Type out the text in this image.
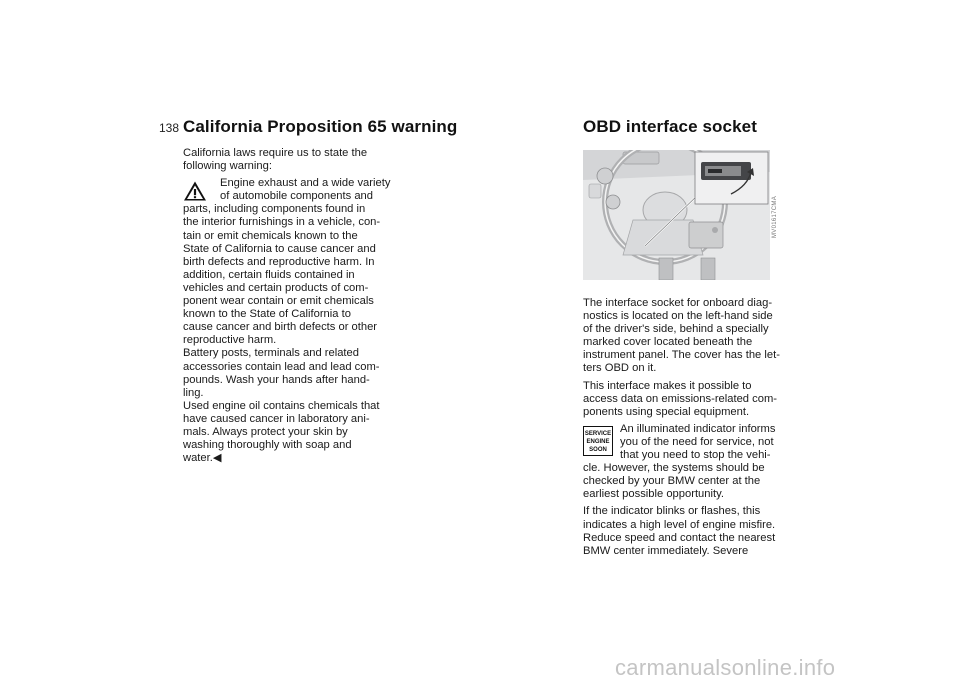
138 California Proposition 65 warning	OBD interface socket

California laws require us to state the

following warning:

Engine exhaust and a wide variety

of automobile components and

parts, including components found in

the interior furnishings in a vehicle, con-

tain or emit chemicals known to the

State of California to cause cancer and

birth defects and reproductive harm. In

addition, certain fluids contained in

vehicles and certain products of com-

ponent wear contain or emit chemicals

known to the State of California to

cause cancer and birth defects or other

reproductive harm.

Battery posts, terminals and related

accessories contain lead and lead com-

pounds. Wash your hands after hand-

ling.

Used engine oil contains chemicals that

have caused cancer in laboratory ani-

mals. Always protect your skin by

washing thoroughly with soap and

water.◀

MV01617CMA

The interface socket for onboard diag-

nostics is located on the left-hand side

of the driver's side, behind a specially

marked cover located beneath the

instrument panel. The cover has the let-

ters OBD on it.

This interface makes it possible to

access data on emissions-related com-

ponents using special equipment.

SERVICE
ENGINE
SOON

An illuminated indicator informs

you of the need for service, not

that you need to stop the vehi-

cle. However, the systems should be

checked by your BMW center at the

earliest possible opportunity.

If the indicator blinks or flashes, this

indicates a high level of engine misfire.

Reduce speed and contact the nearest

BMW center immediately. Severe

carmanualsonline.info
